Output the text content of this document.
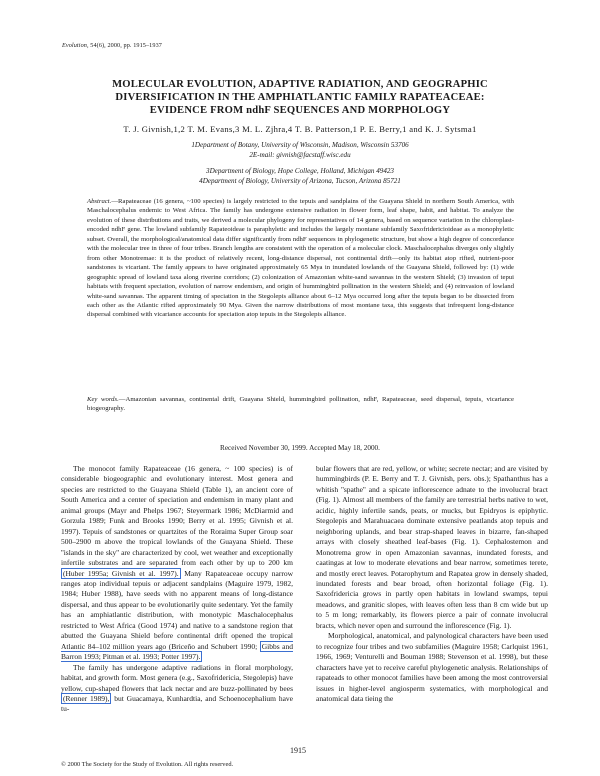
Evolution, 54(6), 2000, pp. 1915–1937
MOLECULAR EVOLUTION, ADAPTIVE RADIATION, AND GEOGRAPHIC
DIVERSIFICATION IN THE AMPHIATLANTIC FAMILY RAPATEACEAE:
EVIDENCE FROM ndhF SEQUENCES AND MORPHOLOGY
T. J. Givnish,1,2 T. M. Evans,3 M. L. Zjhra,4 T. B. Patterson,1 P. E. Berry,1 and K. J. Sytsma1
1Department of Botany, University of Wisconsin, Madison, Wisconsin 53706
2E-mail: givnish@facstaff.wisc.edu
3Department of Biology, Hope College, Holland, Michigan 49423
4Department of Biology, University of Arizona, Tucson, Arizona 85721
Abstract.—Rapateaceae (16 genera, ~100 species) is largely restricted to the tepuis and sandplains of the Guayana Shield in northern South America, with Maschalocephalus endemic to West Africa. The family has undergone extensive radiation in flower form, leaf shape, habit, and habitat. To analyze the evolution of these distributions and traits, we derived a molecular phylogeny for representatives of 14 genera, based on sequence variation in the chloroplast-encoded ndhF gene. The lowland subfamily Rapateoideae is paraphyletic and includes the largely montane subfamily Saxofridericioideae as a monophyletic subset. Overall, the morphological/anatomical data differ significantly from ndhF sequences in phylogenetic structure, but show a high degree of concordance with the molecular tree in three of four tribes. Branch lengths are consistent with the operation of a molecular clock. Maschalocephalus diverges only slightly from other Monotremae: it is the product of relatively recent, long-distance dispersal, not continental drift—only its habitat atop rifted, nutrient-poor sandstones is vicariant. The family appears to have originated approximately 65 Mya in inundated lowlands of the Guayana Shield, followed by: (1) wide geographic spread of lowland taxa along riverine corridors; (2) colonization of Amazonian white-sand savannas in the western Shield; (3) invasion of tepui habitats with frequent speciation, evolution of narrow endemism, and origin of hummingbird pollination in the western Shield; and (4) reinvasion of lowland white-sand savannas. The apparent timing of speciation in the Stegolepis alliance about 6–12 Mya occurred long after the tepuis began to be dissected from each other as the Atlantic rifted approximately 90 Mya. Given the narrow distributions of most montane taxa, this suggests that infrequent long-distance dispersal combined with vicariance accounts for speciation atop tepuis in the Stegolepis alliance.
Key words.—Amazonian savannas, continental drift, Guayana Shield, hummingbird pollination, ndhF, Rapateaceae, seed dispersal, tepuis, vicariance biogeography.
Received November 30, 1999. Accepted May 18, 2000.

The monocot family Rapateaceae (16 genera, ~ 100 species) is of considerable biogeographic and evolutionary interest. Most genera and species are restricted to the Guayana Shield (Table 1), an ancient core of South America and a center of speciation and endemism in many plant and animal groups (Mayr and Phelps 1967; Steyermark 1986; McDiarmid and Gorzula 1989; Funk and Brooks 1990; Berry et al. 1995; Givnish et al. 1997). Tepuis of sandstones or quartzites of the Roraima Super Group soar 500–2900 m above the tropical lowlands of the Guayana Shield. These ''islands in the sky'' are characterized by cool, wet weather and exceptionally infertile substrates and are separated from each other by up to 200 km (Huber 1995a; Givnish et al. 1997). Many Rapateaceae occupy narrow ranges atop individual tepuis or adjacent sandplains (Maguire 1979, 1982, 1984; Huber 1988), have seeds with no apparent means of long-distance dispersal, and thus appear to be evolutionarily quite sedentary. Yet the family has an amphiatlantic distribution, with monotypic Maschalocephalus restricted to West Africa (Good 1974) and native to a sandstone region that abutted the Guayana Shield before continental drift opened the tropical Atlantic 84–102 million years ago (Briceño and Schubert 1990; Gibbs and Barron 1993; Pitman et al. 1993; Potter 1997).

The family has undergone adaptive radiations in floral morphology, habitat, and growth form. Most genera (e.g., Saxofridericia, Stegolepis) have yellow, cup-shaped flowers that lack nectar and are buzz-pollinated by bees (Renner 1989), but Guacamaya, Kunhardtia, and Schoenocephalium have tu-

bular flowers that are red, yellow, or white; secrete nectar; and are visited by hummingbirds (P. E. Berry and T. J. Givnish, pers. obs.); Spathanthus has a whitish ''spathe'' and a spicate inflorescence adnate to the involucral bract (Fig. 1). Almost all members of the family are terrestrial herbs native to wet, acidic, highly infertile sands, peats, or mucks, but Epidryos is epiphytic. Stegolepis and Marahuacaea dominate extensive peatlands atop tepuis and neighboring uplands, and bear strap-shaped leaves in bizarre, fan-shaped arrays with closely sheathed leaf-bases (Fig. 1). Cephalostemon and Monotrema grow in open Amazonian savannas, inundated forests, and caatingas at low to moderate elevations and bear narrow, sometimes terete, and mostly erect leaves. Potarophytum and Rapatea grow in densely shaded, inundated forests and bear broad, often horizontal foliage (Fig. 1). Saxofridericia grows in partly open habitats in lowland swamps, tepui meadows, and granitic slopes, with leaves often less than 8 cm wide but up to 5 m long; remarkably, its flowers pierce a pair of connate involucral bracts, which never open and surround the inflorescence (Fig. 1).

Morphological, anatomical, and palynological characters have been used to recognize four tribes and two subfamilies (Maguire 1958; Carlquist 1961, 1966, 1969; Venturelli and Bouman 1988; Stevenson et al. 1998), but these characters have yet to receive careful phylogenetic analysis. Relationships of rapateads to other monocot families have been among the most controversial issues in higher-level angiosperm systematics, with morphological and anatomical data tieing the

1915
© 2000 The Society for the Study of Evolution. All rights reserved.
